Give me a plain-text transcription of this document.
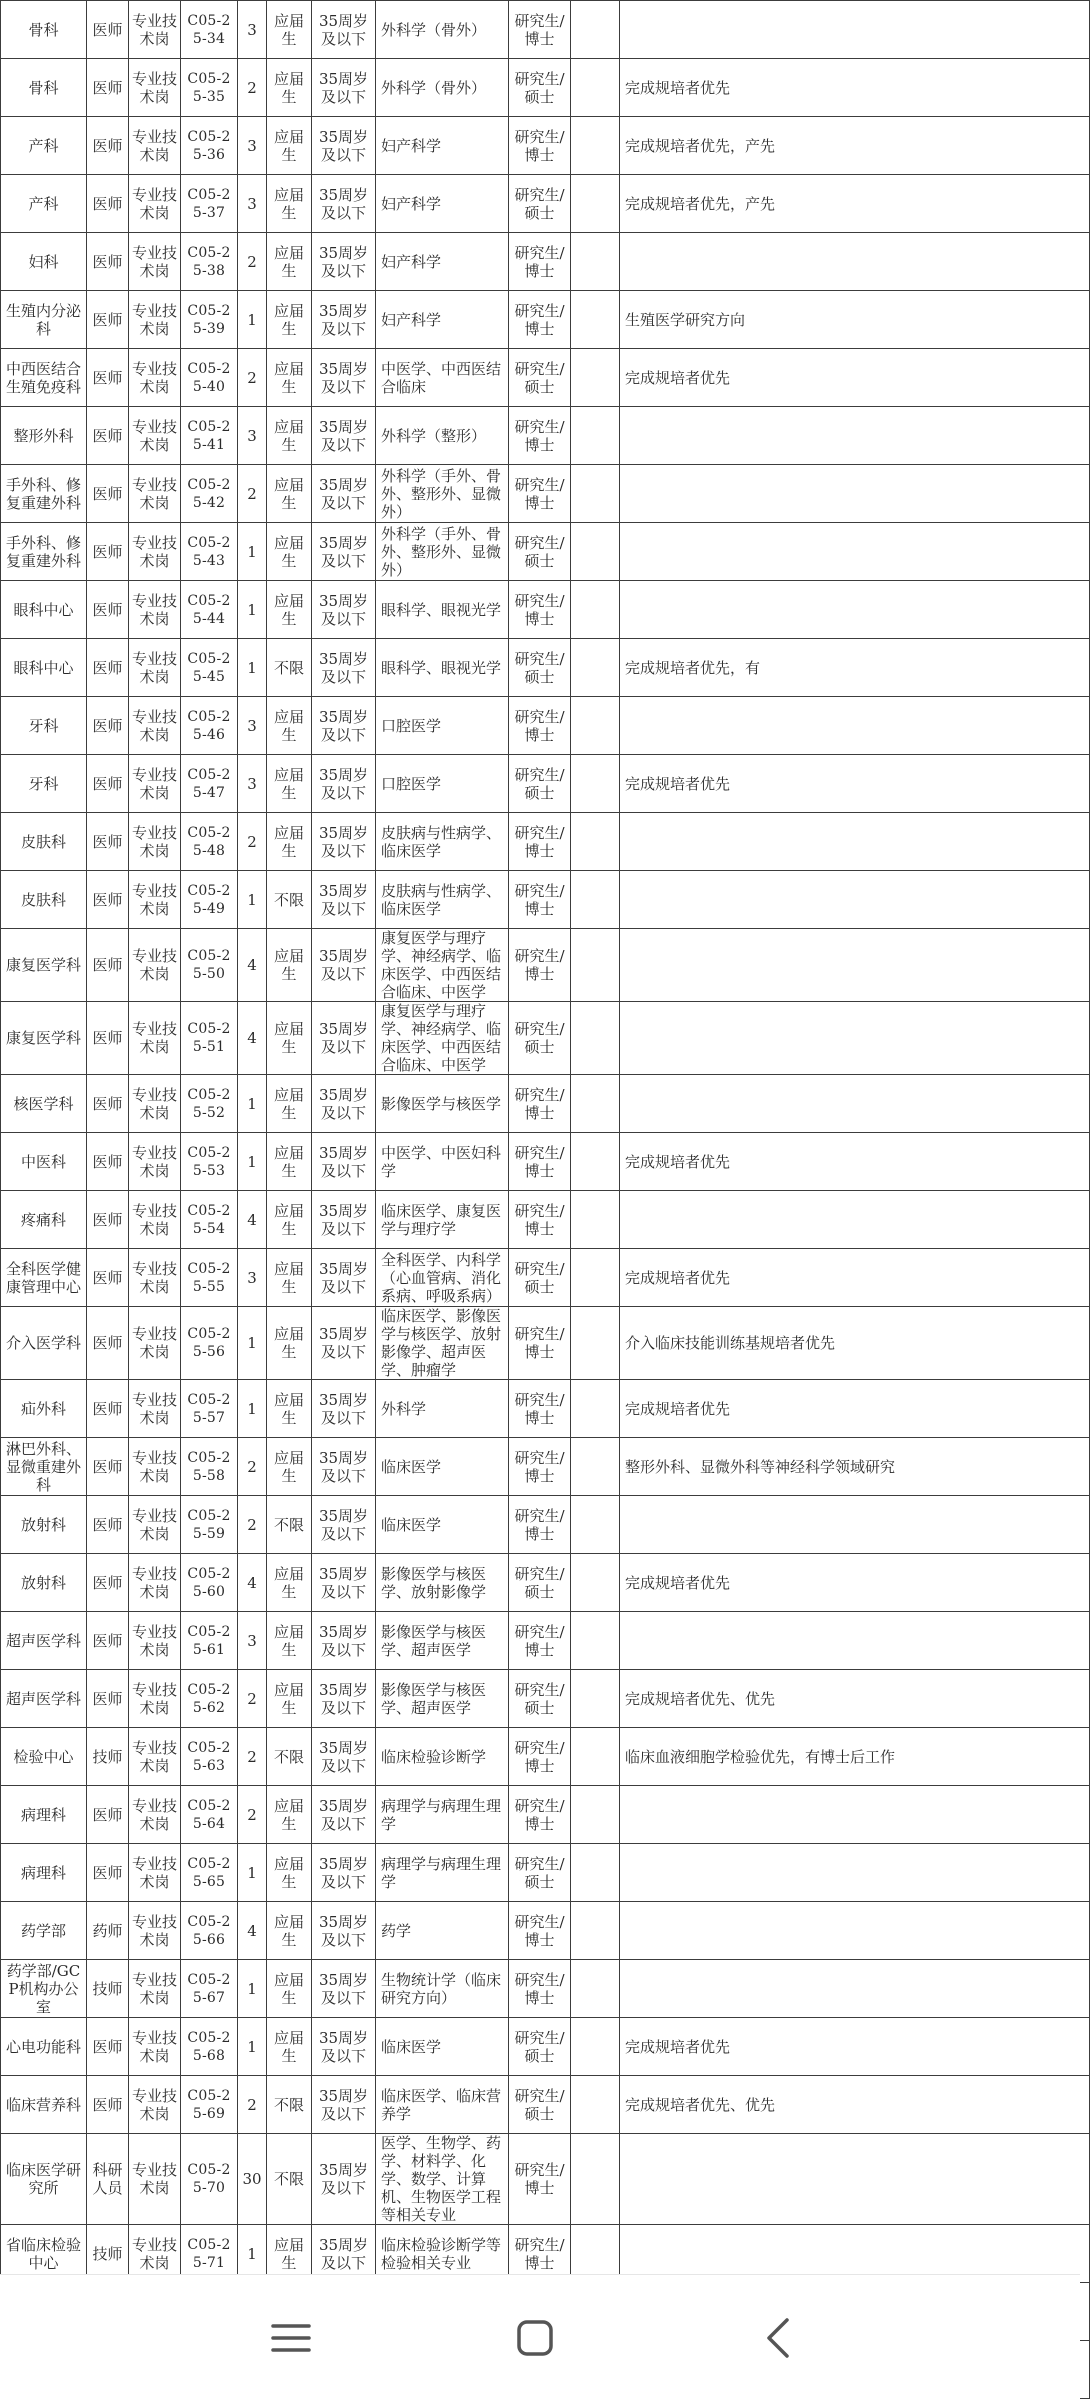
骨科	医师	专业技术岗	C05-25-34	3	应届生	35周岁及以下	外科学（骨外）	研究生/博士		
骨科	医师	专业技术岗	C05-25-35	2	应届生	35周岁及以下	外科学（骨外）	研究生/硕士		完成规培者优先
产科	医师	专业技术岗	C05-25-36	3	应届生	35周岁及以下	妇产科学	研究生/博士		完成规培者优先，产先
产科	医师	专业技术岗	C05-25-37	3	应届生	35周岁及以下	妇产科学	研究生/硕士		完成规培者优先，产先
妇科	医师	专业技术岗	C05-25-38	2	应届生	35周岁及以下	妇产科学	研究生/博士		
生殖内分泌科	医师	专业技术岗	C05-25-39	1	应届生	35周岁及以下	妇产科学	研究生/博士		生殖医学研究方向
中西医结合生殖免疫科	医师	专业技术岗	C05-25-40	2	应届生	35周岁及以下	中医学、中西医结合临床	研究生/硕士		完成规培者优先
整形外科	医师	专业技术岗	C05-25-41	3	应届生	35周岁及以下	外科学（整形）	研究生/博士		
手外科、修复重建外科	医师	专业技术岗	C05-25-42	2	应届生	35周岁及以下	外科学（手外、骨外、整形外、显微外）	研究生/博士		
手外科、修复重建外科	医师	专业技术岗	C05-25-43	1	应届生	35周岁及以下	外科学（手外、骨外、整形外、显微外）	研究生/硕士		
眼科中心	医师	专业技术岗	C05-25-44	1	应届生	35周岁及以下	眼科学、眼视光学	研究生/博士		
眼科中心	医师	专业技术岗	C05-25-45	1	不限	35周岁及以下	眼科学、眼视光学	研究生/硕士		完成规培者优先，有
牙科	医师	专业技术岗	C05-25-46	3	应届生	35周岁及以下	口腔医学	研究生/博士		
牙科	医师	专业技术岗	C05-25-47	3	应届生	35周岁及以下	口腔医学	研究生/硕士		完成规培者优先
皮肤科	医师	专业技术岗	C05-25-48	2	应届生	35周岁及以下	皮肤病与性病学、临床医学	研究生/博士		
皮肤科	医师	专业技术岗	C05-25-49	1	不限	35周岁及以下	皮肤病与性病学、临床医学	研究生/博士		
康复医学科	医师	专业技术岗	C05-25-50	4	应届生	35周岁及以下	康复医学与理疗学、神经病学、临床医学、中西医结合临床、中医学	研究生/博士		
康复医学科	医师	专业技术岗	C05-25-51	4	应届生	35周岁及以下	康复医学与理疗学、神经病学、临床医学、中西医结合临床、中医学	研究生/硕士		
核医学科	医师	专业技术岗	C05-25-52	1	应届生	35周岁及以下	影像医学与核医学	研究生/博士		
中医科	医师	专业技术岗	C05-25-53	1	应届生	35周岁及以下	中医学、中医妇科学	研究生/博士		完成规培者优先
疼痛科	医师	专业技术岗	C05-25-54	4	应届生	35周岁及以下	临床医学、康复医学与理疗学	研究生/博士		
全科医学健康管理中心	医师	专业技术岗	C05-25-55	3	应届生	35周岁及以下	全科医学、内科学（心血管病、消化系病、呼吸系病）	研究生/硕士		完成规培者优先
介入医学科	医师	专业技术岗	C05-25-56	1	应届生	35周岁及以下	临床医学、影像医学与核医学、放射影像学、超声医学、肿瘤学	研究生/博士		介入临床技能训练基规培者优先
疝外科	医师	专业技术岗	C05-25-57	1	应届生	35周岁及以下	外科学	研究生/博士		完成规培者优先
淋巴外科、显微重建外科	医师	专业技术岗	C05-25-58	2	应届生	35周岁及以下	临床医学	研究生/博士		整形外科、显微外科等神经科学领域研究
放射科	医师	专业技术岗	C05-25-59	2	不限	35周岁及以下	临床医学	研究生/博士		
放射科	医师	专业技术岗	C05-25-60	4	应届生	35周岁及以下	影像医学与核医学、放射影像学	研究生/硕士		完成规培者优先
超声医学科	医师	专业技术岗	C05-25-61	3	应届生	35周岁及以下	影像医学与核医学、超声医学	研究生/博士		
超声医学科	医师	专业技术岗	C05-25-62	2	应届生	35周岁及以下	影像医学与核医学、超声医学	研究生/硕士		完成规培者优先、优先
检验中心	技师	专业技术岗	C05-25-63	2	不限	35周岁及以下	临床检验诊断学	研究生/博士		临床血液细胞学检验优先，有博士后工作
病理科	医师	专业技术岗	C05-25-64	2	应届生	35周岁及以下	病理学与病理生理学	研究生/博士		
病理科	医师	专业技术岗	C05-25-65	1	应届生	35周岁及以下	病理学与病理生理学	研究生/硕士		
药学部	药师	专业技术岗	C05-25-66	4	应届生	35周岁及以下	药学	研究生/博士		
药学部/GCP机构办公室	技师	专业技术岗	C05-25-67	1	应届生	35周岁及以下	生物统计学（临床研究方向）	研究生/博士		
心电功能科	医师	专业技术岗	C05-25-68	1	应届生	35周岁及以下	临床医学	研究生/硕士		完成规培者优先
临床营养科	医师	专业技术岗	C05-25-69	2	不限	35周岁及以下	临床医学、临床营养学	研究生/硕士		完成规培者优先、优先
临床医学研究所	科研人员	专业技术岗	C05-25-70	30	不限	35周岁及以下	医学、生物学、药学、材料学、化学、数学、计算机、生物医学工程等相关专业	研究生/博士		
省临床检验中心	技师	专业技术岗	C05-25-71	1	应届生	35周岁及以下	临床检验诊断学等检验相关专业	研究生/博士		
